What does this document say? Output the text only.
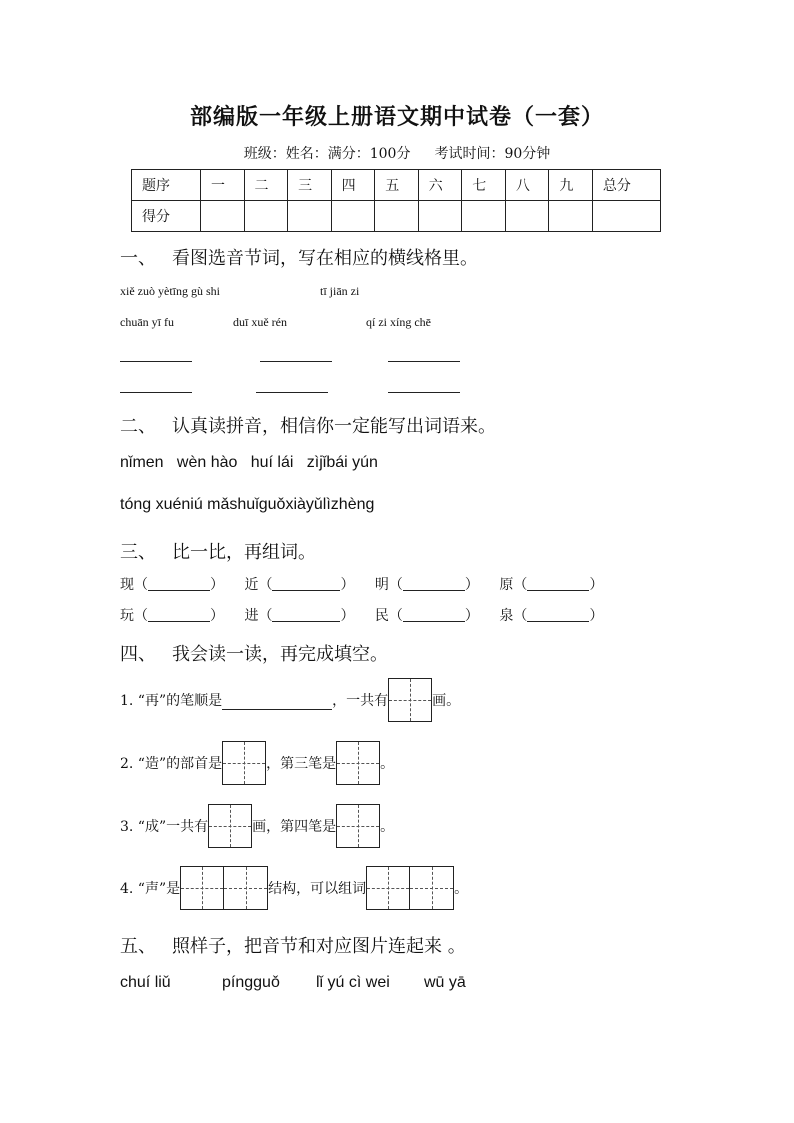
部编版一年级上册语文期中试卷（一套）
班级：姓名：满分：100分 考试时间：90分钟
题序	一	二	三	四	五	六	七	八	九	总分
得分										
一、 看图选音节词，写在相应的横线格里。
xiě zuò yètīng gù shi	tī jiān zi
chuān yī fu	duī xuě rén	qí zi xíng chē
二、 认真读拼音，相信你一定能写出词语来。
nǐmen   wèn hào   huí lái   zìjǐbái yún
tóng xuéniú mǎshuǐguǒxiàyǔlìzhèng
三、 比一比，再组词。
现（	） 近（	） 明（	） 原（	）
玩（	） 进（	） 民（	） 泉（	）
四、 我会读一读，再完成填空。
1. “再”的笔顺是	，一共有	画。
2. “造”的部首是	，第三笔是	。
3. “成”一共有	画，第四笔是	。
4. “声”是	结构，可以组词	。
五、 照样子，把音节和对应图片连起来 。
chuí liǔ	píngguǒ lǐ yú cì wei wū yā
